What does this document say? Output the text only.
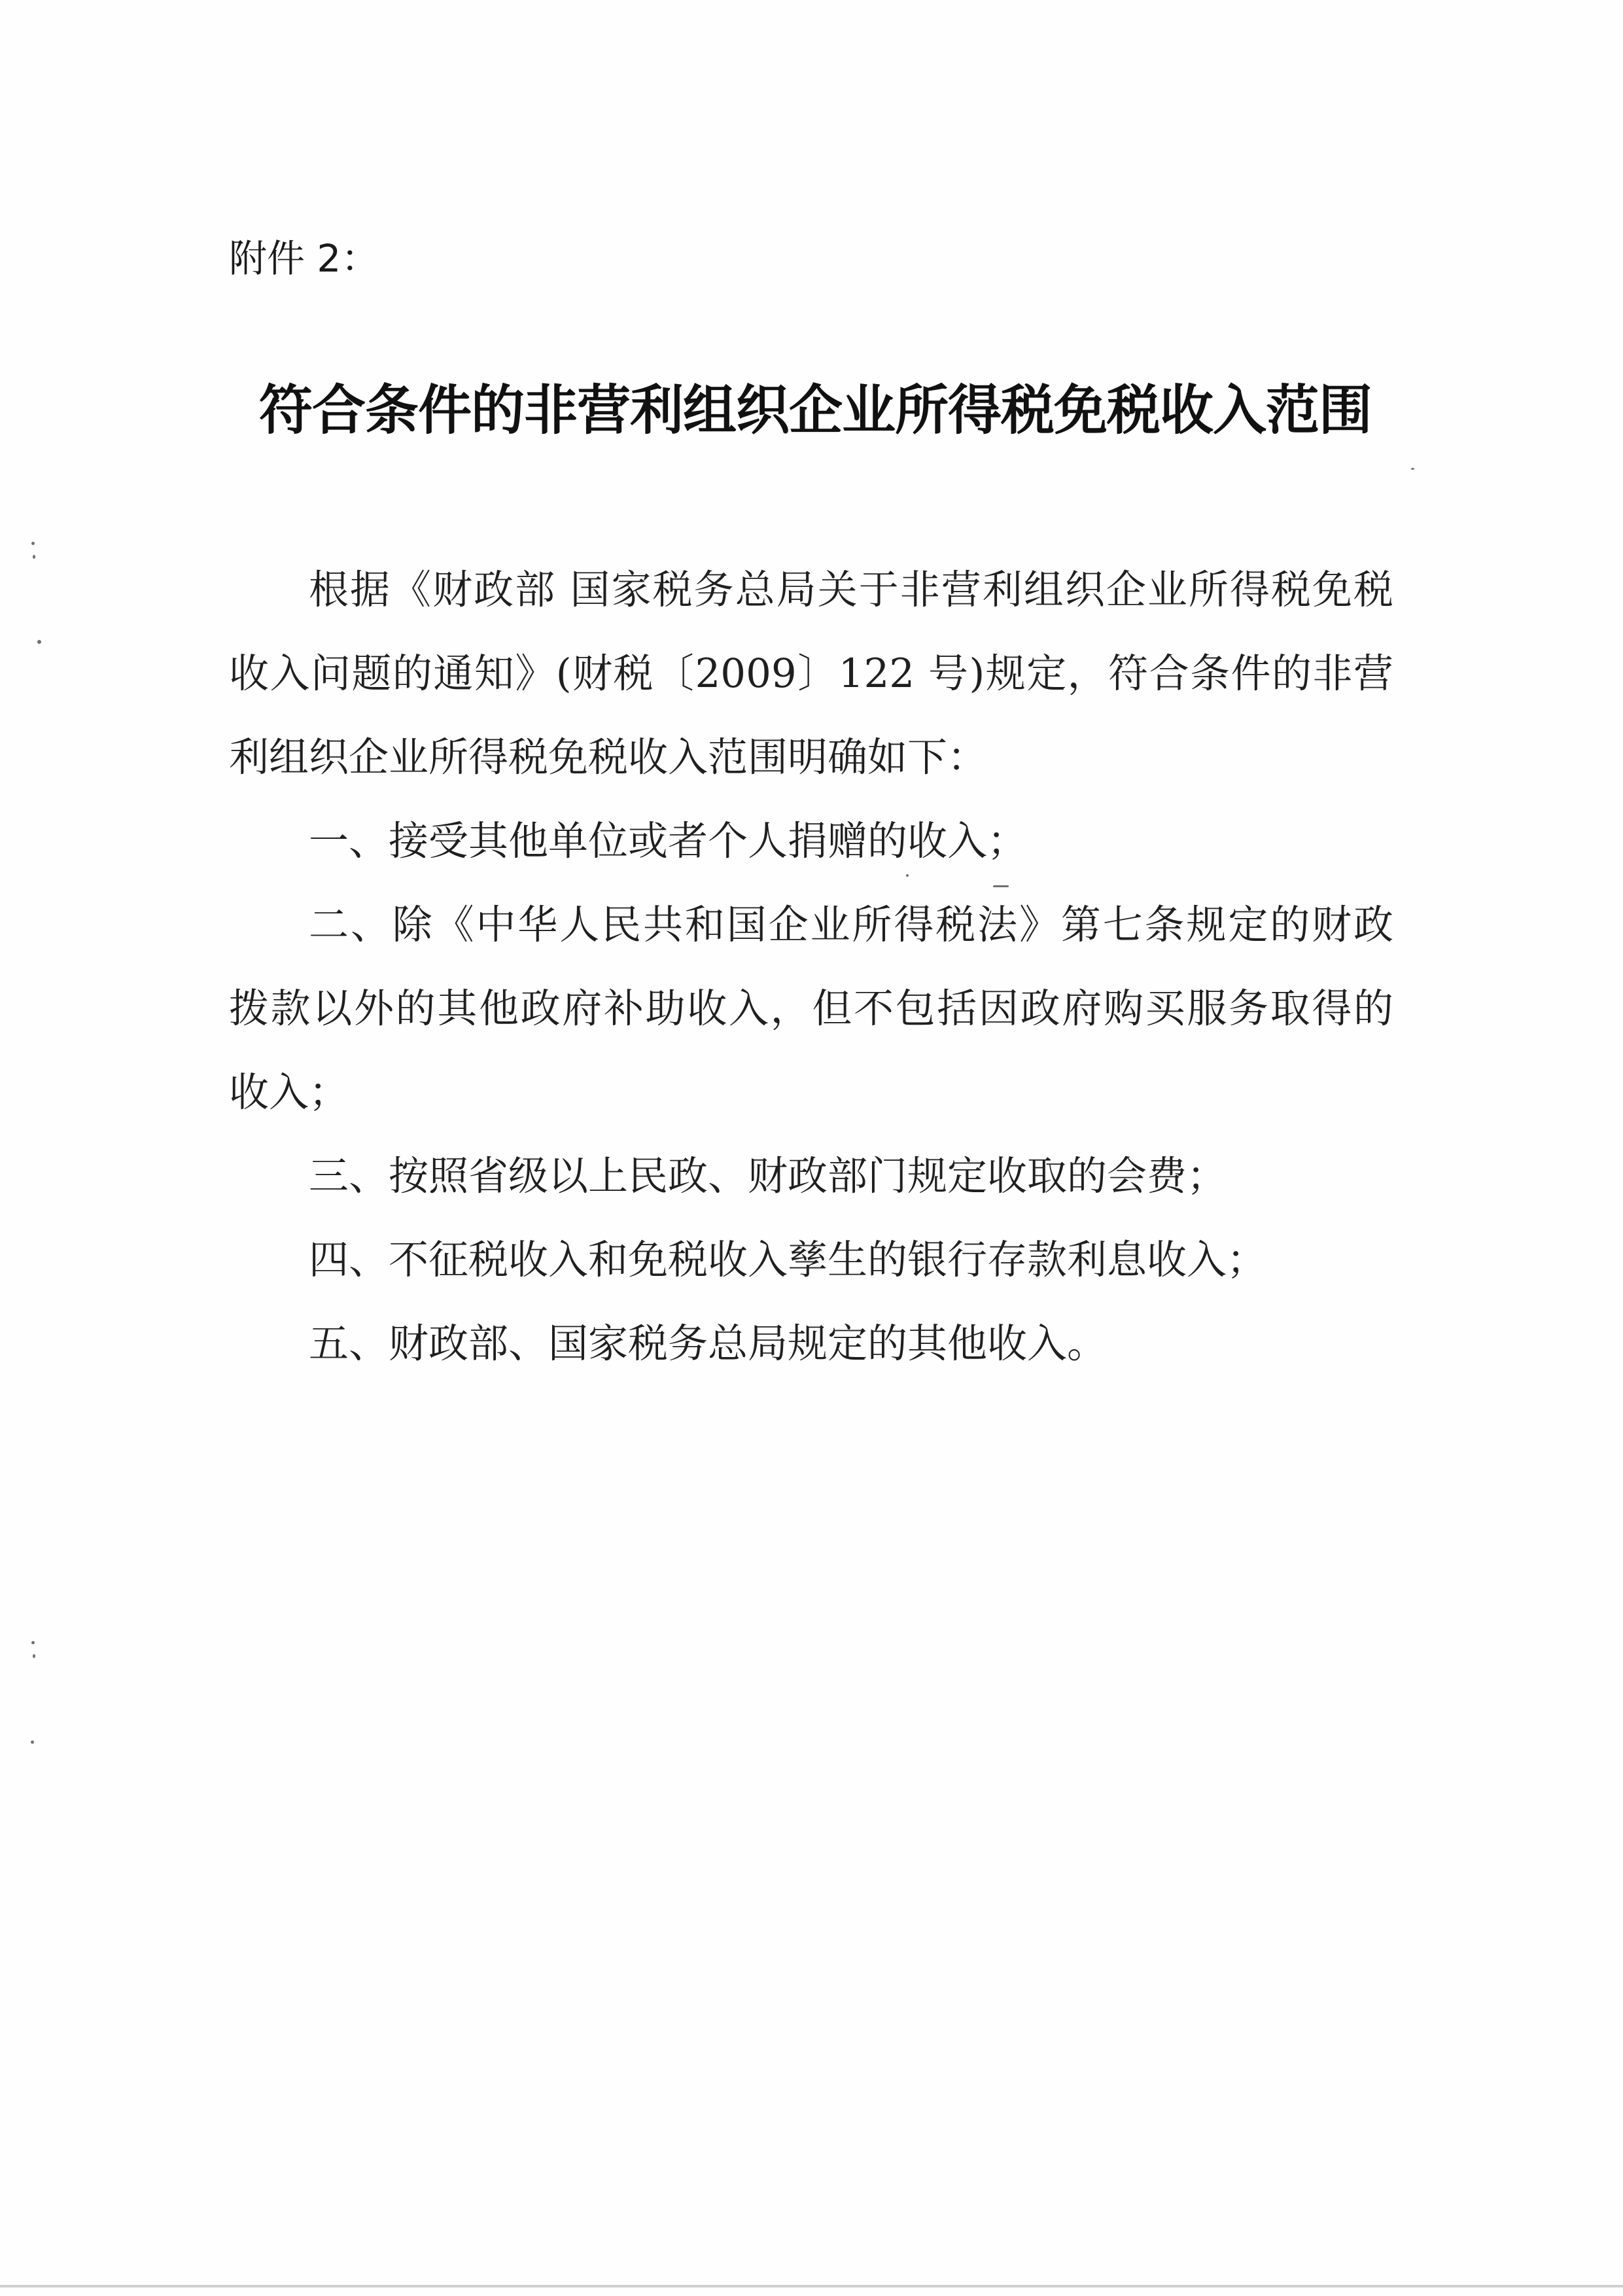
附件 2：
符合条件的非营利组织企业所得税免税收入范围
根据《财政部 国家税务总局关于非营利组织企业所得税免税
收入问题的通知》(财税〔2009〕122 号)规定，符合条件的非营
利组织企业所得税免税收入范围明确如下：
一、接受其他单位或者个人捐赠的收入；
二、除《中华人民共和国企业所得税法》第七条规定的财政
拨款以外的其他政府补助收入，但不包括因政府购买服务取得的
收入；
三、按照省级以上民政、财政部门规定收取的会费；
四、不征税收入和免税收入孳生的银行存款利息收入；
五、财政部、国家税务总局规定的其他收入。
